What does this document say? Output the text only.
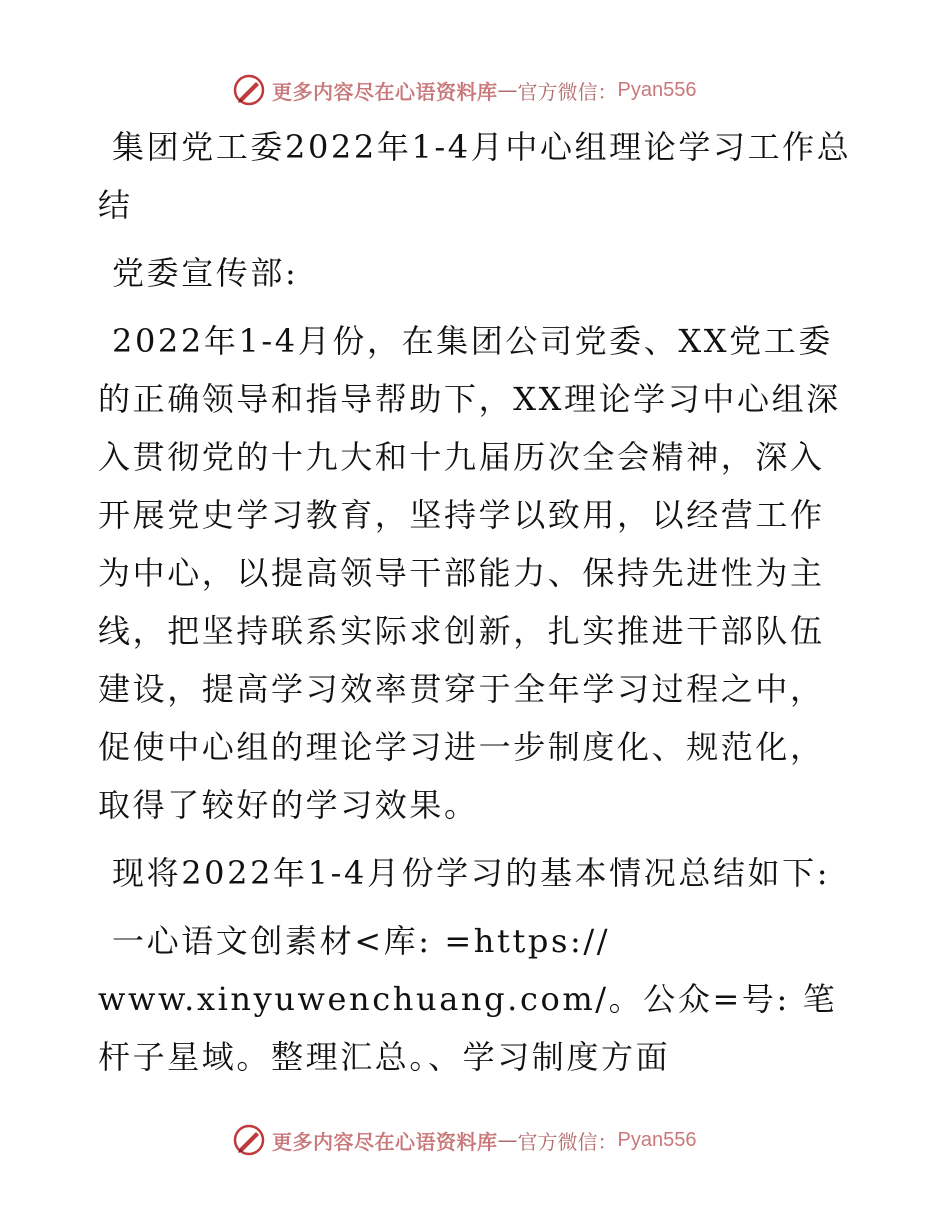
更多内容尽在心语资料库 — 官方微信： Pyan556

集团党工委2022年1-4月中心组理论学习工作总结

党委宣传部:

2022年1-4月份，在集团公司党委、XX党工委的正确领导和指导帮助下，XX理论学习中心组深入贯彻党的十九大和十九届历次全会精神，深入开展党史学习教育，坚持学以致用，以经营工作为中心，以提高领导干部能力、保持先进性为主线，把坚持联系实际求创新，扎实推进干部队伍建设，提高学习效率贯穿于全年学习过程之中，促使中心组的理论学习进一步制度化、规范化，取得了较好的学习效果。

现将2022年1-4月份学习的基本情况总结如下:

一心语文创素材<库: =https://

www.xinyuwenchuang.com/。公众=号: 笔杆子星域。整理汇总。、学习制度方面

更多内容尽在心语资料库 — 官方微信： Pyan556
